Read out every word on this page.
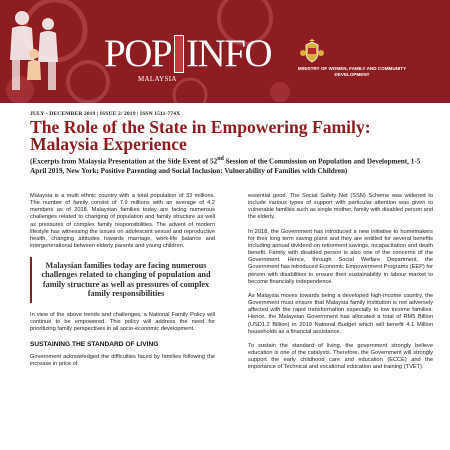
POP INFO
MALAYSIA
MINISTRY OF WOMEN, FAMILY AND COMMUNITY DEVELOPMENT
JULY - DECEMBER 2019 | ISSUE 2/ 2019 | ISSN 1511-774X
The Role of the State in Empowering Family: Malaysia Experience
(Excerpts from Malaysia Presentation at the Side Event of 52nd Session of the Commission on Population and Development, 1-5 April 2019, New York: Positive Parenting and Social Inclusion: Vulnerability of Families with Children)

Malaysia is a multi ethnic country with a total population of 33 millions. The number of family consist of 7.9 millions with an average of 4.2 members as of 2018. Malaysian families today are facing numerous challenges related to changing of population and family structure as well as pressures of complex family responsibilities. The advent of modern lifestyle has witnessing the issues on adolescent sexual and reproductive health, changing attitudes towards marriage, work-life balance and intergenerational between elderly parents and young children.

Malaysian families today are facing numerous challenges related to changing of population and family structure as well as pressures of complex family responsibilities

In view of the above trends and challenges, a National Family Policy will continue to be empowered. This policy will address the need for prioritizing family perspectives in all socio-economic development.

SUSTAINING THE STANDARD OF LIVING

Government acknowledged the difficulties faced by families following the increase in price of

essential good. The Social Safety Net (SSN) Scheme was widened to include various types of support with particular attention was given to vulnerable families such as single mother, family with disabled person and the elderly.

In 2018, the Government has introduced a new initiative to homemakers for their long term saving plans and they are entitled for several benefits including annual dividend on retirement savings, incapacitation and death benefit. Family with disabled person is also one of the concerns of the Government. Hence, through Social Welfare Department, the Government has introduced Economic Empowerment Programs (EEP) for person with disabilities to ensure their sustainability in labour market to become financially independence.

As Malaysia moves towards being a developed high-income country, the Government must ensure that Malaysia family institution is not adversely affected with the rapid transformation especially to low income families. Hence, the Malaysian Government has allocated a total of RM5 Billion (USD1.2 Billion) in 2019 National Budget which will benefit 4.1 Million households as a financial assistance.

To sustain the standard of living, the government strongly believe education is one of the catalysts. Therefore, the Government will strongly support the early childhood care and education (ECCE) and the importance of Technical and vocational education and training (TVET).
